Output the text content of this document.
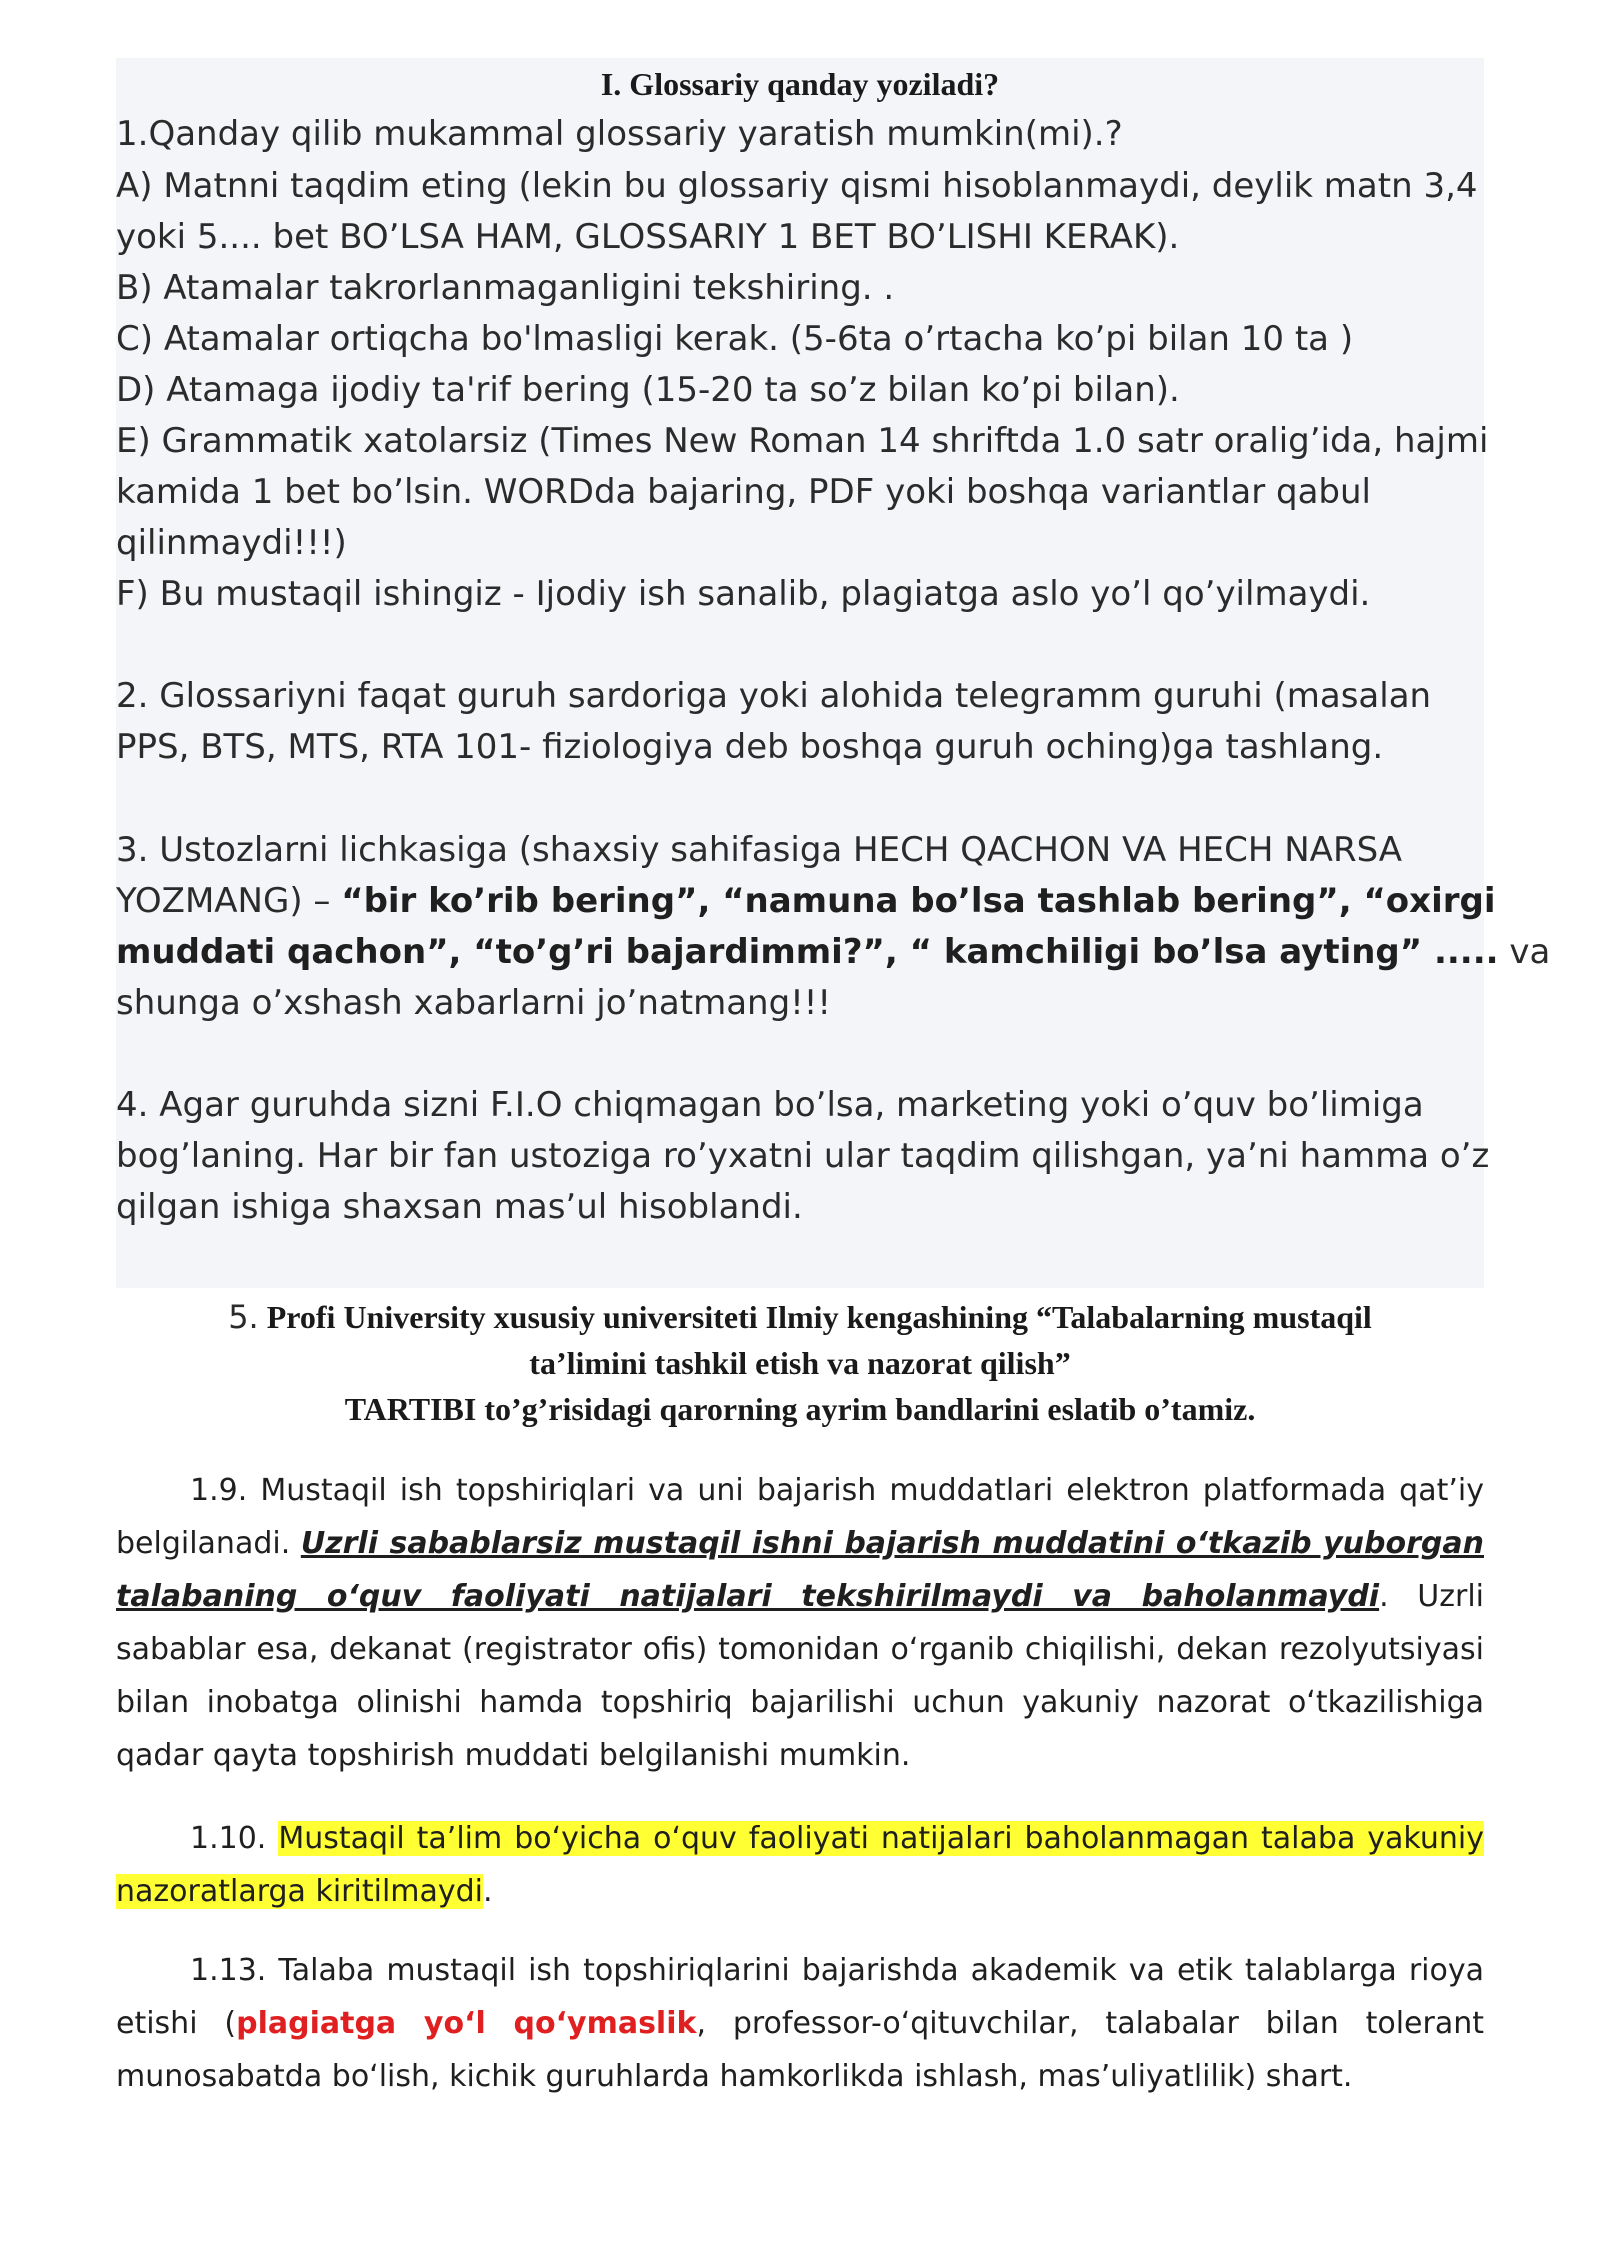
I. Glossariy qanday yoziladi?
1.Qanday qilib mukammal glossariy yaratish mumkin(mi).?
A) Matnni taqdim eting (lekin bu glossariy qismi hisoblanmaydi, deylik matn 3,4
yoki 5.... bet BO’LSA HAM, GLOSSARIY 1 BET BO’LISHI KERAK).
B) Atamalar takrorlanmaganligini tekshiring. .
C) Atamalar ortiqcha bo'lmasligi kerak. (5-6ta o’rtacha ko’pi bilan 10 ta )
D) Atamaga ijodiy ta'rif bering (15-20 ta so’z bilan ko’pi bilan).
E) Grammatik xatolarsiz (Times New Roman 14 shriftda 1.0 satr oralig’ida, hajmi
kamida 1 bet bo’lsin. WORDda bajaring, PDF yoki boshqa variantlar qabul
qilinmaydi!!!)
F) Bu mustaqil ishingiz - Ijodiy ish sanalib, plagiatga aslo yo’l qo’yilmaydi.
2. Glossariyni faqat guruh sardoriga yoki alohida telegramm guruhi (masalan
PPS, BTS, MTS, RTA 101- fiziologiya deb boshqa guruh oching)ga tashlang.
3. Ustozlarni lichkasiga (shaxsiy sahifasiga HECH QACHON VA HECH NARSA
YOZMANG) – “bir ko’rib bering”, “namuna bo’lsa tashlab bering”, “oxirgi
muddati qachon”, “to’g’ri bajardimmi?”, “ kamchiligi bo’lsa ayting” ..... va
shunga o’xshash xabarlarni jo’natmang!!!
4. Agar guruhda sizni F.I.O chiqmagan bo’lsa, marketing yoki o’quv bo’limiga
bog’laning. Har bir fan ustoziga ro’yxatni ular taqdim qilishgan, ya’ni hamma o’z
qilgan ishiga shaxsan mas’ul hisoblandi.
5. Profi University xususiy universiteti Ilmiy kengashining “Talabalarning mustaqil
ta’limini tashkil etish va nazorat qilish”
TARTIBI to’g’risidagi qarorning ayrim bandlarini eslatib o’tamiz.
1.9. Mustaqil ish topshiriqlari va uni bajarish muddatlari elektron platformada qat’iy belgilanadi. Uzrli sabablarsiz mustaqil ishni bajarish muddatini o‘tkazib yuborgan talabaning o‘quv faoliyati natijalari tekshirilmaydi va baholanmaydi. Uzrli sabablar esa, dekanat (registrator ofis) tomonidan o‘rganib chiqilishi, dekan rezolyutsiyasi bilan inobatga olinishi hamda topshiriq bajarilishi uchun yakuniy nazorat o‘tkazilishiga qadar qayta topshirish muddati belgilanishi mumkin.
1.10. Mustaqil ta’lim bo‘yicha o‘quv faoliyati natijalari baholanmagan talaba yakuniy nazoratlarga kiritilmaydi.
1.13. Talaba mustaqil ish topshiriqlarini bajarishda akademik va etik talablarga rioya etishi (plagiatga yo‘l qo‘ymaslik, professor-o‘qituvchilar, talabalar bilan tolerant munosabatda bo‘lish, kichik guruhlarda hamkorlikda ishlash, mas’uliyatlilik) shart.
